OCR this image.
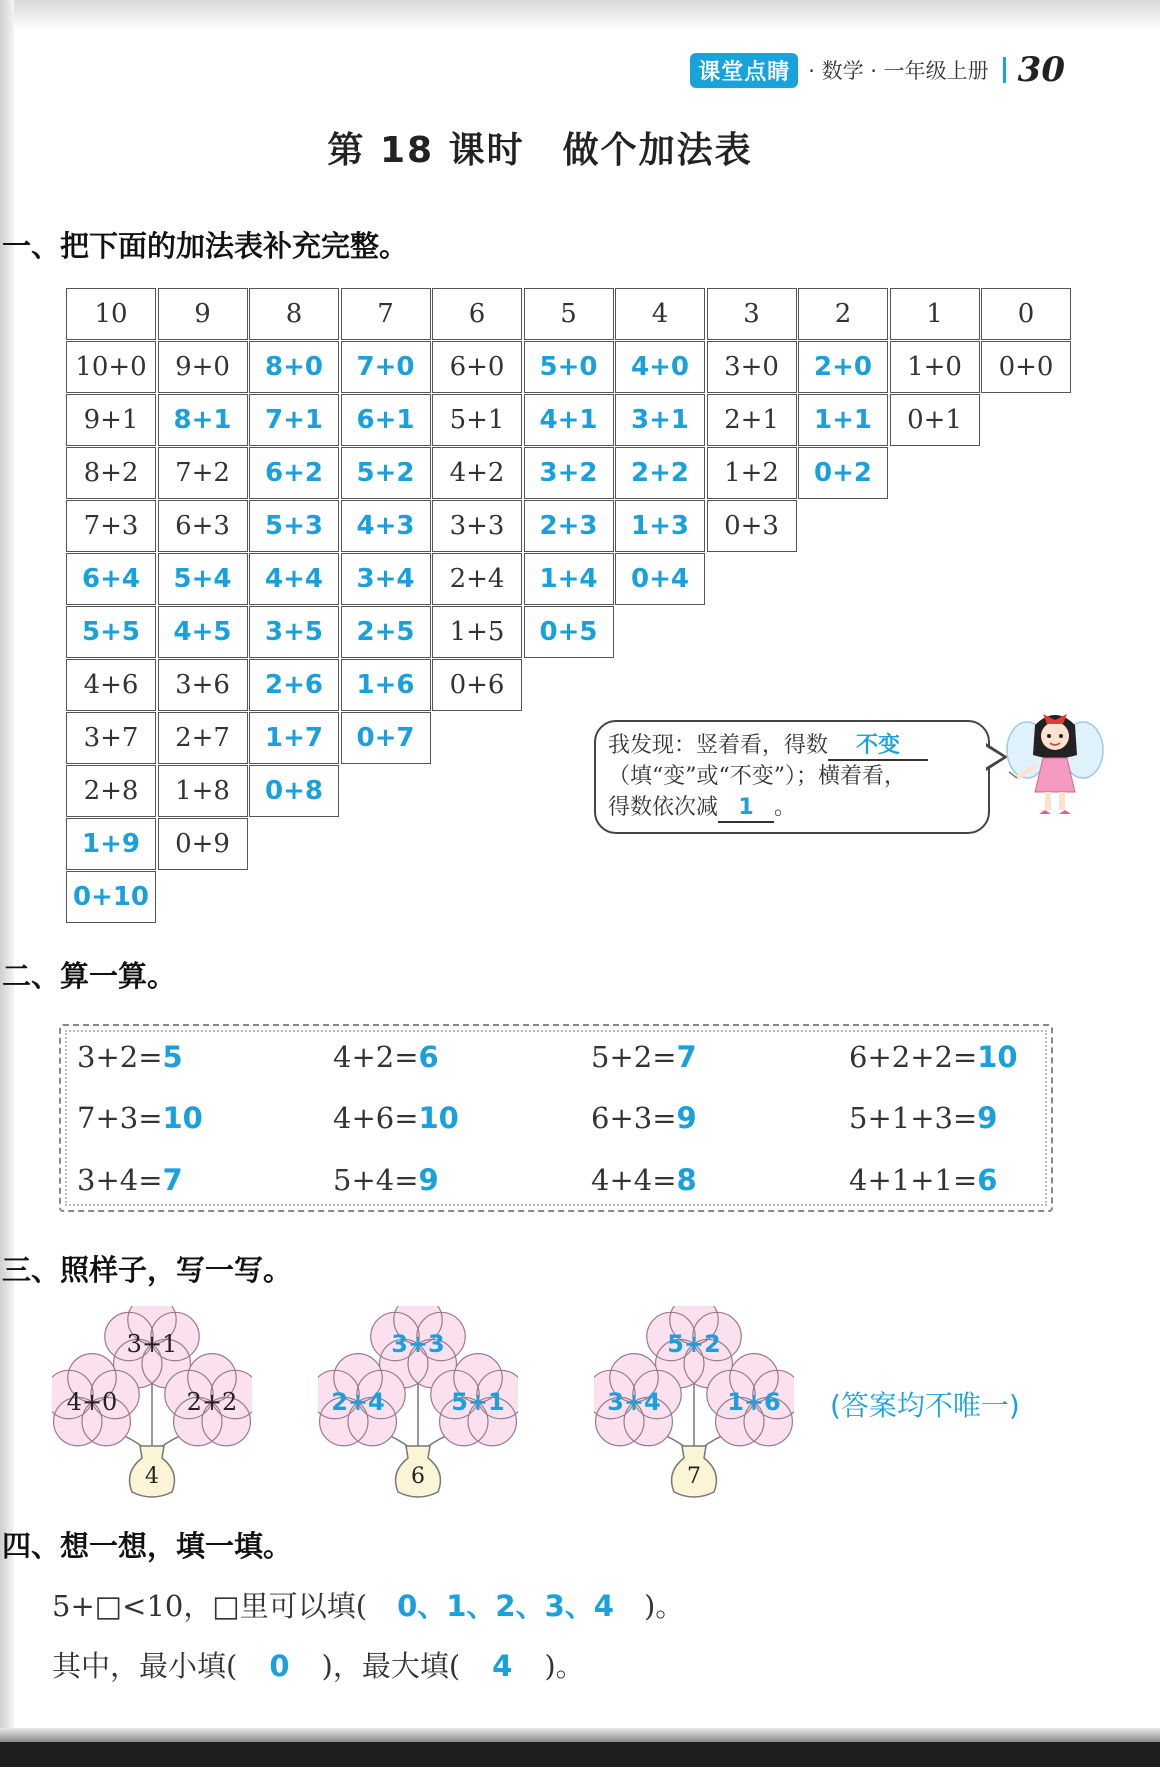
课堂点睛 · 数学 · 一年级上册 30
第 18 课时　做个加法表
一、把下面的加法表补充完整。
10	9	8	7	6	5	4	3	2	1	0
10+0	9+0	8+0	7+0	6+0	5+0	4+0	3+0	2+0	1+0	0+0
9+1	8+1	7+1	6+1	5+1	4+1	3+1	2+1	1+1	0+1
8+2	7+2	6+2	5+2	4+2	3+2	2+2	1+2	0+2
7+3	6+3	5+3	4+3	3+3	2+3	1+3	0+3
6+4	5+4	4+4	3+4	2+4	1+4	0+4
5+5	4+5	3+5	2+5	1+5	0+5
4+6	3+6	2+6	1+6	0+6
3+7	2+7	1+7	0+7
2+8	1+8	0+8
1+9	0+9
0+10
我发现：竖着看，得数 不变
（填“变”或“不变”）；横着看，
得数依次减 1 。
二、算一算。
3+2=5	4+2=6	5+2=7	6+2+2=10
7+3=10	4+6=10	6+3=9	5+1+3=9
3+4=7	5+4=9	4+4=8	4+1+1=6
三、照样子，写一写。
3+1
4+0	2+2
4
3+3
2+4	5+1
6
5+2
3+4	1+6
7
(答案均不唯一)
四、想一想，填一填。
5+□<10，□里可以填( 0、1、2、3、4 )。
其中，最小填( 0 )，最大填( 4 )。
